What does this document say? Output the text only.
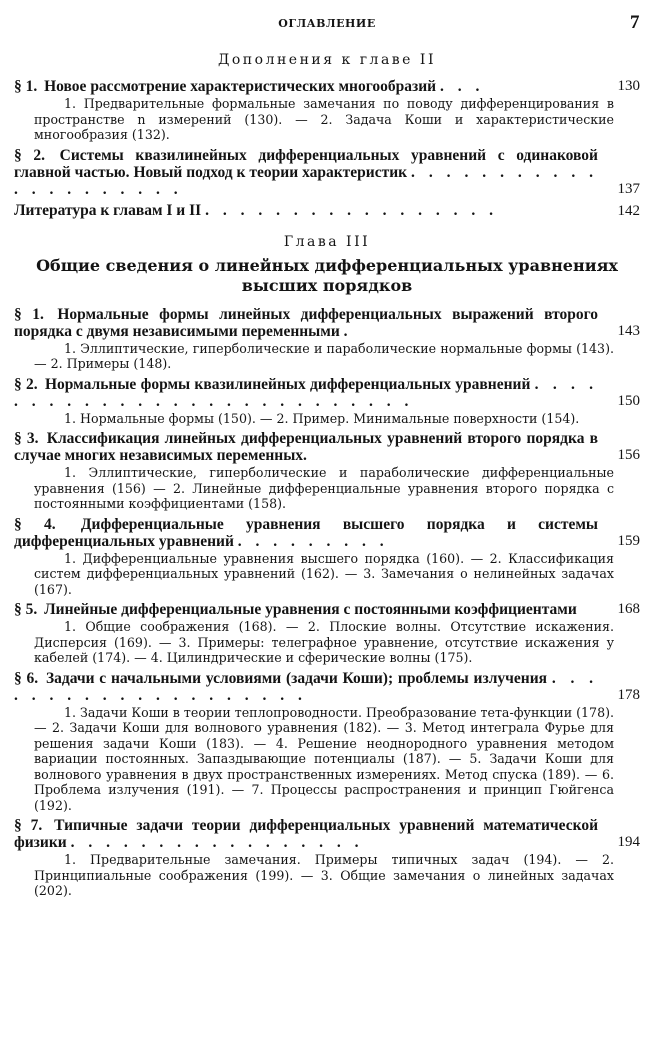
ОГЛАВЛЕНИЕ	7
Дополнения к главе II
§ 1. Новое рассмотрение характеристических многообразий . . .	130
1. Предварительные формальные замечания по поводу дифференцирования в пространстве n измерений (130). — 2. Задача Коши и характеристические многообразия (132).
§ 2. Системы квазилинейных дифференциальных уравнений с одинаковой главной частью. Новый подход к теории характеристик . . . . . . . . . . . . . . . . . . . . .	137
Литература к главам I и II . . . . . . . . . . . . . . . . .	142
Глава III
Общие сведения о линейных дифференциальных уравнениях высших порядков
§ 1. Нормальные формы линейных дифференциальных выражений второго порядка с двумя независимыми переменными .	143
1. Эллиптические, гиперболические и параболические нормальные формы (143). — 2. Примеры (148).
§ 2. Нормальные формы квазилинейных дифференциальных уравнений . . . . . . . . . . . . . . . . . . . . . . . . . . .	150
1. Нормальные формы (150). — 2. Пример. Минимальные поверхности (154).
§ 3. Классификация линейных дифференциальных уравнений второго порядка в случае многих независимых переменных.	156
1. Эллиптические, гиперболические и параболические дифференциальные уравнения (156) — 2. Линейные дифференциальные уравнения второго порядка с постоянными коэффициентами (158).
§ 4. Дифференциальные уравнения высшего порядка и системы дифференциальных уравнений . . . . . . . . .	159
1. Дифференциальные уравнения высшего порядка (160). — 2. Классификация систем дифференциальных уравнений (162). — 3. Замечания о нелинейных задачах (167).
§ 5. Линейные дифференциальные уравнения с постоянными коэффициентами	168
1. Общие соображения (168). — 2. Плоские волны. Отсутствие искажения. Дисперсия (169). — 3. Примеры: телеграфное уравнение, отсутствие искажения у кабелей (174). — 4. Цилиндрические и сферические волны (175).
§ 6. Задачи с начальными условиями (задачи Коши); проблемы излучения . . . . . . . . . . . . . . . . . . . .	178
1. Задачи Коши в теории теплопроводности. Преобразование тета-функции (178). — 2. Задачи Коши для волнового уравнения (182). — 3. Метод интеграла Фурье для решения задачи Коши (183). — 4. Решение неоднородного уравнения методом вариации постоянных. Запаздывающие потенциалы (187). — 5. Задачи Коши для волнового уравнения в двух пространственных измерениях. Метод спуска (189). — 6. Проблема излучения (191). — 7. Процессы распространения и принцип Гюйгенса (192).
§ 7. Типичные задачи теории дифференциальных уравнений математической физики . . . . . . . . . . . . . . . . .	194
1. Предварительные замечания. Примеры типичных задач (194). — 2. Принципиальные соображения (199). — 3. Общие замечания о линейных задачах (202).
